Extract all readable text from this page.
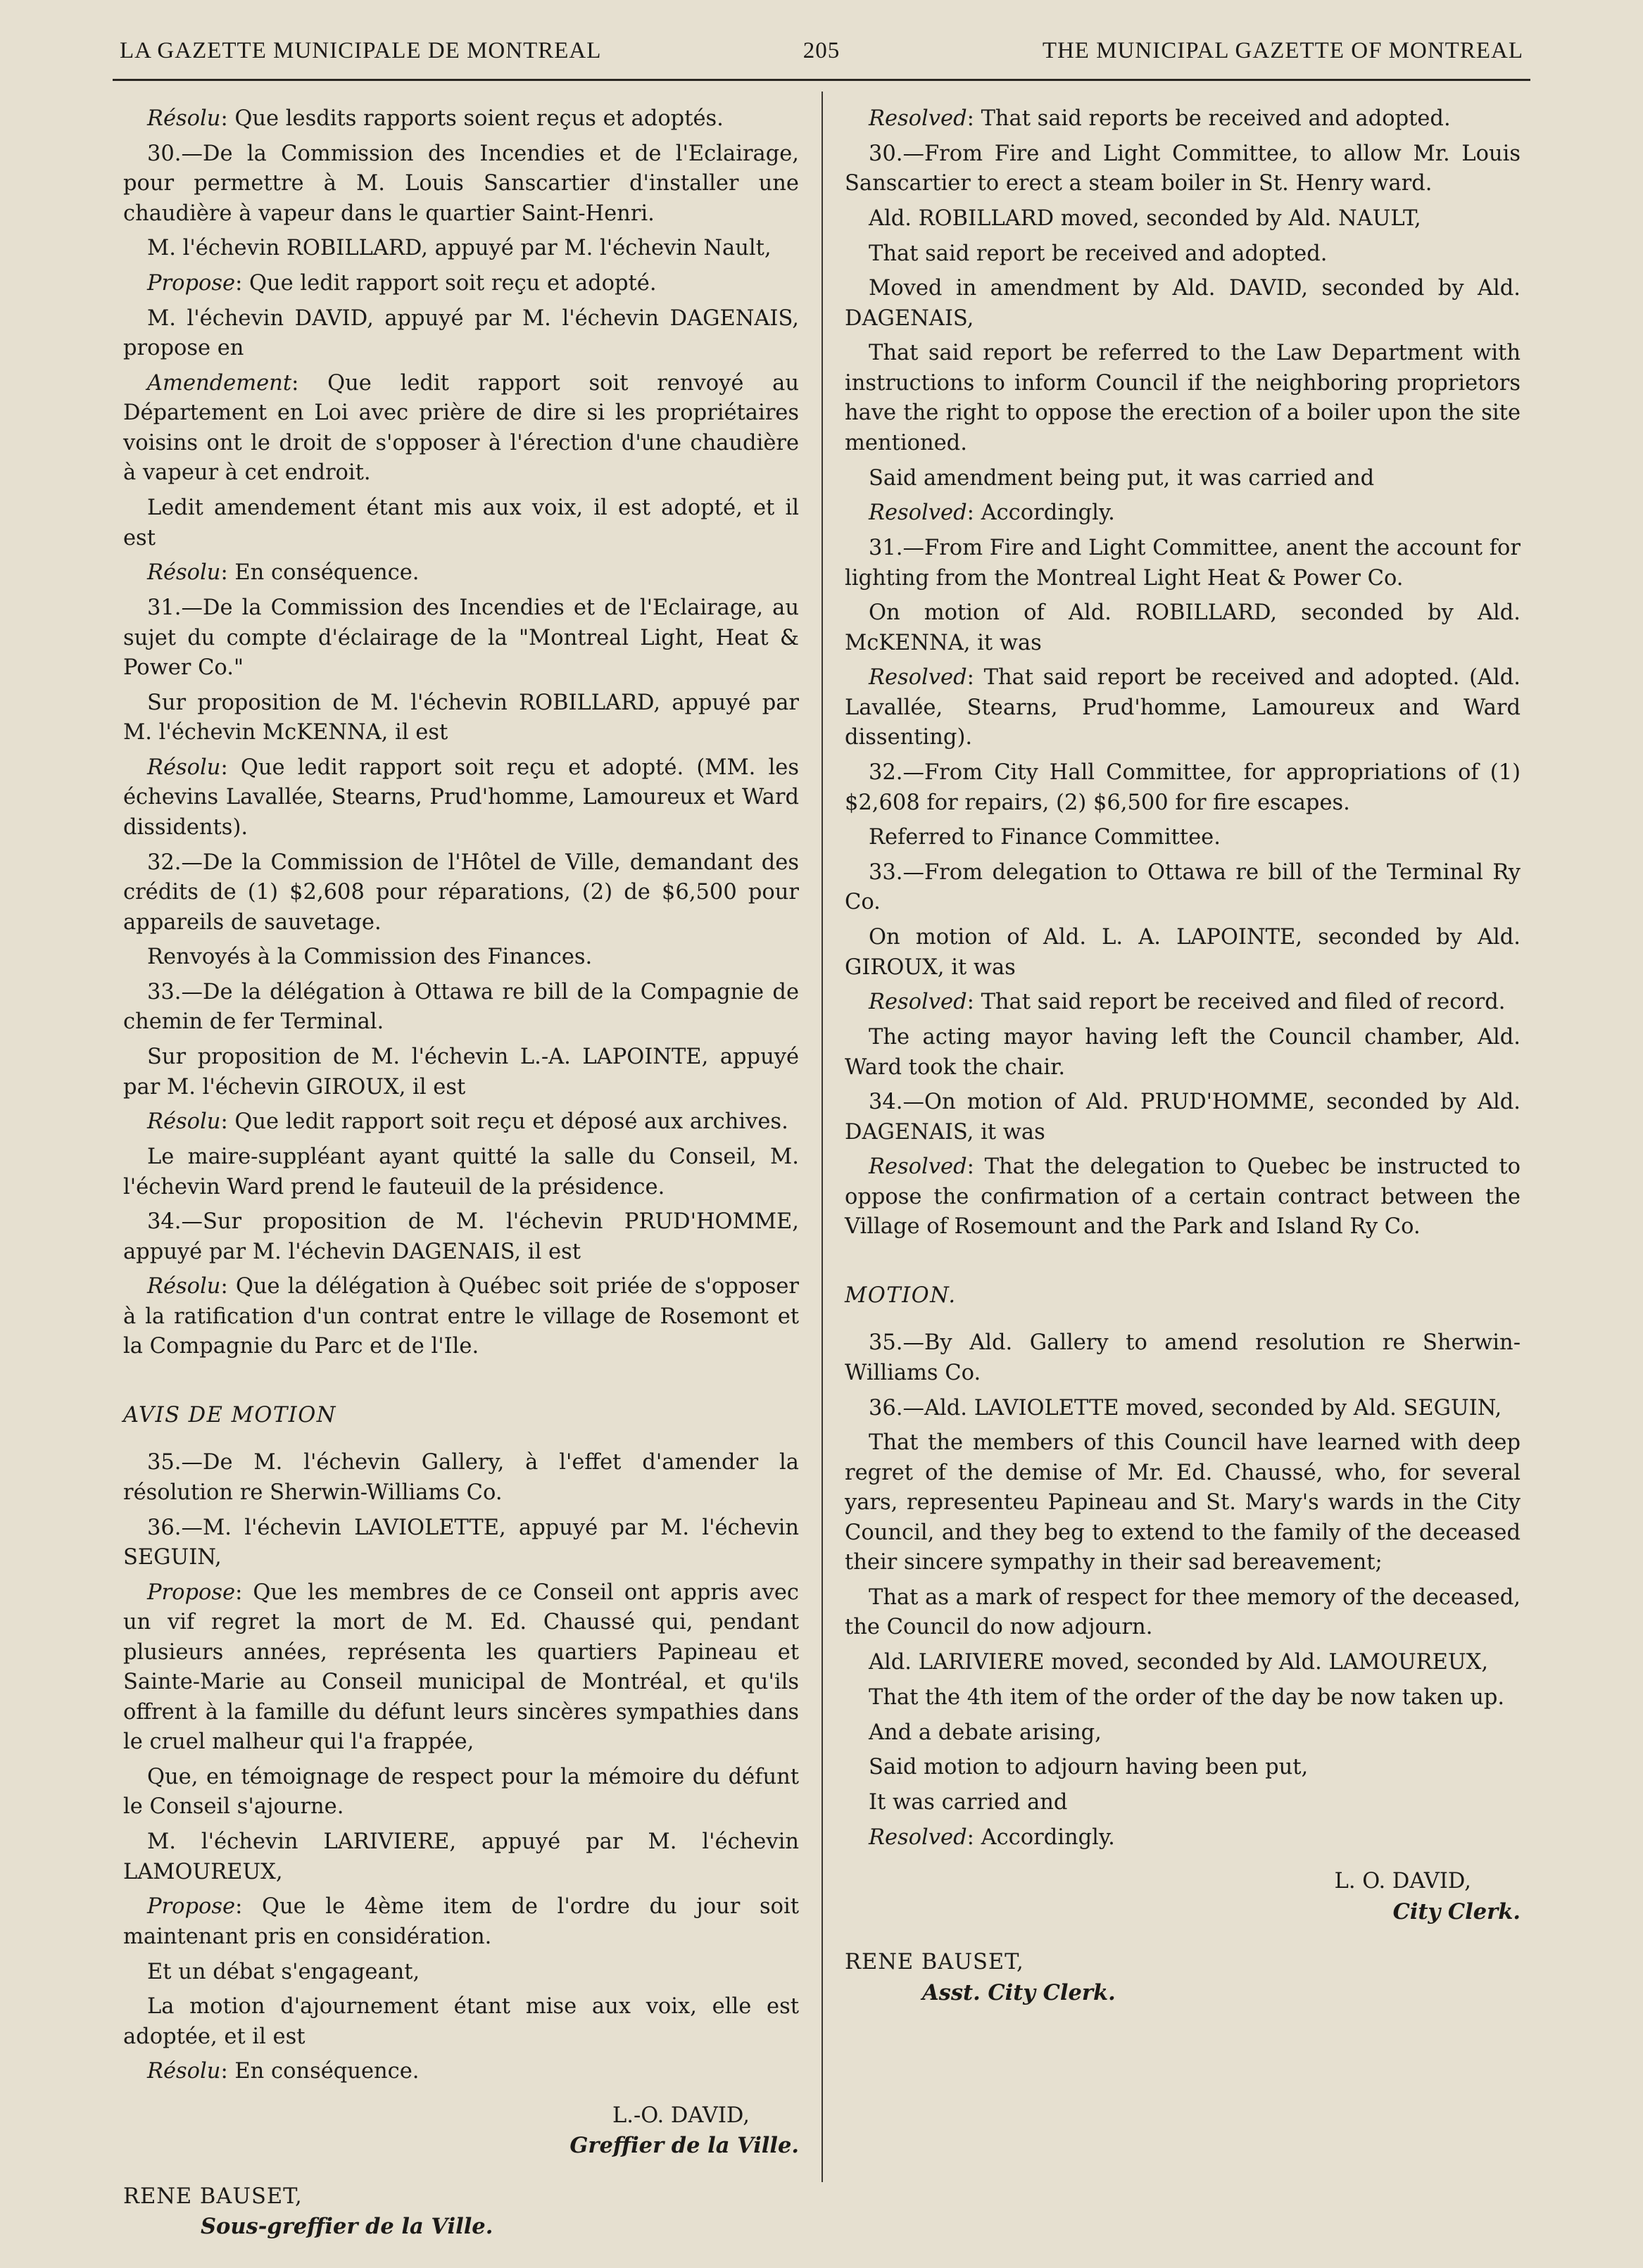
LA GAZETTE MUNICIPALE DE MONTREAL	205	THE MUNICIPAL GAZETTE OF MONTREAL

Résolu: Que lesdits rapports soient reçus et adoptés.

30.—De la Commission des Incendies et de l'Eclairage, pour permettre à M. Louis Sanscartier d'installer une chaudière à vapeur dans le quartier Saint-Henri.

M. l'échevin ROBILLARD, appuyé par M. l'échevin Nault,

Propose: Que ledit rapport soit reçu et adopté.

M. l'échevin DAVID, appuyé par M. l'échevin DAGENAIS, propose en

Amendement: Que ledit rapport soit renvoyé au Département en Loi avec prière de dire si les propriétaires voisins ont le droit de s'opposer à l'érection d'une chaudière à vapeur à cet endroit.

Ledit amendement étant mis aux voix, il est adopté, et il est

Résolu: En conséquence.

31.—De la Commission des Incendies et de l'Eclairage, au sujet du compte d'éclairage de la "Montreal Light, Heat & Power Co."

Sur proposition de M. l'échevin ROBILLARD, appuyé par M. l'échevin McKENNA, il est

Résolu: Que ledit rapport soit reçu et adopté. (MM. les échevins Lavallée, Stearns, Prud'homme, Lamoureux et Ward dissidents).

32.—De la Commission de l'Hôtel de Ville, demandant des crédits de (1) $2,608 pour réparations, (2) de $6,500 pour appareils de sauvetage.

Renvoyés à la Commission des Finances.

33.—De la délégation à Ottawa re bill de la Compagnie de chemin de fer Terminal.

Sur proposition de M. l'échevin L.-A. LAPOINTE, appuyé par M. l'échevin GIROUX, il est

Résolu: Que ledit rapport soit reçu et déposé aux archives.

Le maire-suppléant ayant quitté la salle du Conseil, M. l'échevin Ward prend le fauteuil de la présidence.

34.—Sur proposition de M. l'échevin PRUD'HOMME, appuyé par M. l'échevin DAGENAIS, il est

Résolu: Que la délégation à Québec soit priée de s'opposer à la ratification d'un contrat entre le village de Rosemont et la Compagnie du Parc et de l'Ile.

AVIS DE MOTION

35.—De M. l'échevin Gallery, à l'effet d'amender la résolution re Sherwin-Williams Co.

36.—M. l'échevin LAVIOLETTE, appuyé par M. l'échevin SEGUIN,

Propose: Que les membres de ce Conseil ont appris avec un vif regret la mort de M. Ed. Chaussé qui, pendant plusieurs années, représenta les quartiers Papineau et Sainte-Marie au Conseil municipal de Montréal, et qu'ils offrent à la famille du défunt leurs sincères sympathies dans le cruel malheur qui l'a frappée,

Que, en témoignage de respect pour la mémoire du défunt le Conseil s'ajourne.

M. l'échevin LARIVIERE, appuyé par M. l'échevin LAMOUREUX,

Propose: Que le 4ème item de l'ordre du jour soit maintenant pris en considération.

Et un débat s'engageant,

La motion d'ajournement étant mise aux voix, elle est adoptée, et il est

Résolu: En conséquence.

L.-O. DAVID,
Greffier de la Ville.
RENE BAUSET,
Sous-greffier de la Ville.

Resolved: That said reports be received and adopted.

30.—From Fire and Light Committee, to allow Mr. Louis Sanscartier to erect a steam boiler in St. Henry ward.

Ald. ROBILLARD moved, seconded by Ald. NAULT,

That said report be received and adopted.

Moved in amendment by Ald. DAVID, seconded by Ald. DAGENAIS,

That said report be referred to the Law Department with instructions to inform Council if the neighboring proprietors have the right to oppose the erection of a boiler upon the site mentioned.

Said amendment being put, it was carried and

Resolved: Accordingly.

31.—From Fire and Light Committee, anent the account for lighting from the Montreal Light Heat & Power Co.

On motion of Ald. ROBILLARD, seconded by Ald. McKENNA, it was

Resolved: That said report be received and adopted. (Ald. Lavallée, Stearns, Prud'homme, Lamoureux and Ward dissenting).

32.—From City Hall Committee, for appropriations of (1) $2,608 for repairs, (2) $6,500 for fire escapes.

Referred to Finance Committee.

33.—From delegation to Ottawa re bill of the Terminal Ry Co.

On motion of Ald. L. A. LAPOINTE, seconded by Ald. GIROUX, it was

Resolved: That said report be received and filed of record.

The acting mayor having left the Council chamber, Ald. Ward took the chair.

34.—On motion of Ald. PRUD'HOMME, seconded by Ald. DAGENAIS, it was

Resolved: That the delegation to Quebec be instructed to oppose the confirmation of a certain contract between the Village of Rosemount and the Park and Island Ry Co.

MOTION.

35.—By Ald. Gallery to amend resolution re Sherwin-Williams Co.

36.—Ald. LAVIOLETTE moved, seconded by Ald. SEGUIN,

That the members of this Council have learned with deep regret of the demise of Mr. Ed. Chaussé, who, for several yars, representeu Papineau and St. Mary's wards in the City Council, and they beg to extend to the family of the deceased their sincere sympathy in their sad bereavement;

That as a mark of respect for thee memory of the deceased, the Council do now adjourn.

Ald. LARIVIERE moved, seconded by Ald. LAMOUREUX,

That the 4th item of the order of the day be now taken up.

And a debate arising,

Said motion to adjourn having been put,

It was carried and

Resolved: Accordingly.

L. O. DAVID,
City Clerk.
RENE BAUSET,
Asst. City Clerk.
